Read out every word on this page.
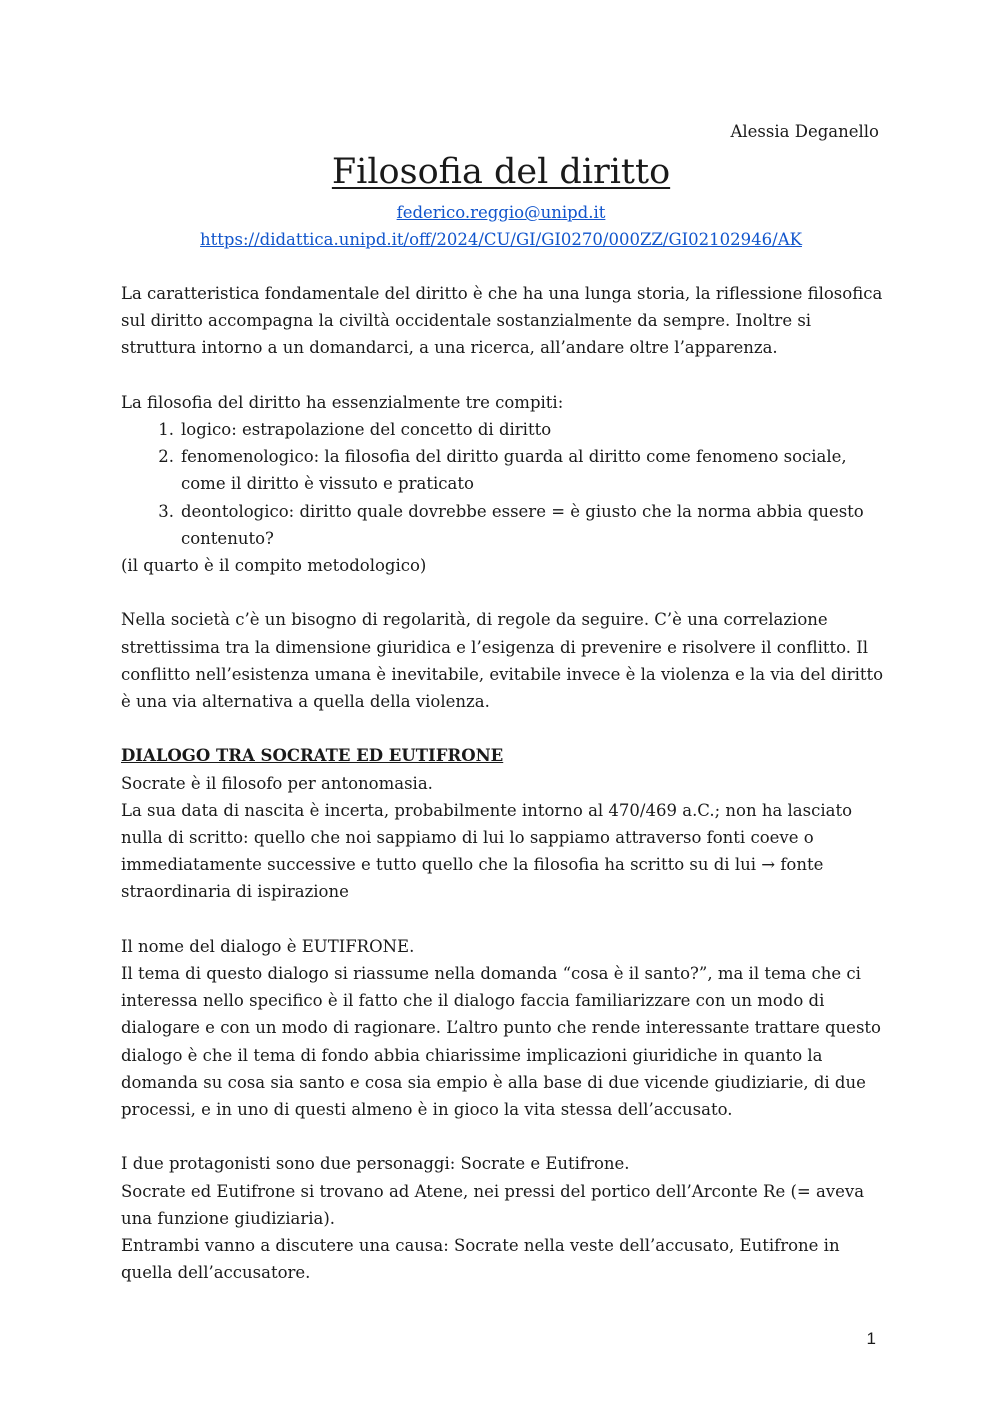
Alessia Deganello
Filosofia del diritto
federico.reggio@unipd.it
https://didattica.unipd.it/off/2024/CU/GI/GI0270/000ZZ/GI02102946/AK

La caratteristica fondamentale del diritto è che ha una lunga storia, la riflessione filosofica sul diritto accompagna la civiltà occidentale sostanzialmente da sempre. Inoltre si struttura intorno a un domandarci, a una ricerca, all’andare oltre l’apparenza.

La filosofia del diritto ha essenzialmente tre compiti:

1. logico: estrapolazione del concetto di diritto
2. fenomenologico: la filosofia del diritto guarda al diritto come fenomeno sociale, come il diritto è vissuto e praticato
3. deontologico: diritto quale dovrebbe essere = è giusto che la norma abbia questo contenuto?

(il quarto è il compito metodologico)

Nella società c’è un bisogno di regolarità, di regole da seguire. C’è una correlazione strettissima tra la dimensione giuridica e l’esigenza di prevenire e risolvere il conflitto. Il conflitto nell’esistenza umana è inevitabile, evitabile invece è la violenza e la via del diritto è una via alternativa a quella della violenza.

DIALOGO TRA SOCRATE ED EUTIFRONE

Socrate è il filosofo per antonomasia.

La sua data di nascita è incerta, probabilmente intorno al 470/469 a.C.; non ha lasciato nulla di scritto: quello che noi sappiamo di lui lo sappiamo attraverso fonti coeve o immediatamente successive e tutto quello che la filosofia ha scritto su di lui → fonte straordinaria di ispirazione

Il nome del dialogo è EUTIFRONE.

Il tema di questo dialogo si riassume nella domanda “cosa è il santo?”, ma il tema che ci interessa nello specifico è il fatto che il dialogo faccia familiarizzare con un modo di dialogare e con un modo di ragionare. L’altro punto che rende interessante trattare questo dialogo è che il tema di fondo abbia chiarissime implicazioni giuridiche in quanto la domanda su cosa sia santo e cosa sia empio è alla base di due vicende giudiziarie, di due processi, e in uno di questi almeno è in gioco la vita stessa dell’accusato.

I due protagonisti sono due personaggi: Socrate e Eutifrone.

Socrate ed Eutifrone si trovano ad Atene, nei pressi del portico dell’Arconte Re (= aveva una funzione giudiziaria).

Entrambi vanno a discutere una causa: Socrate nella veste dell’accusato, Eutifrone in quella dell’accusatore.

1
